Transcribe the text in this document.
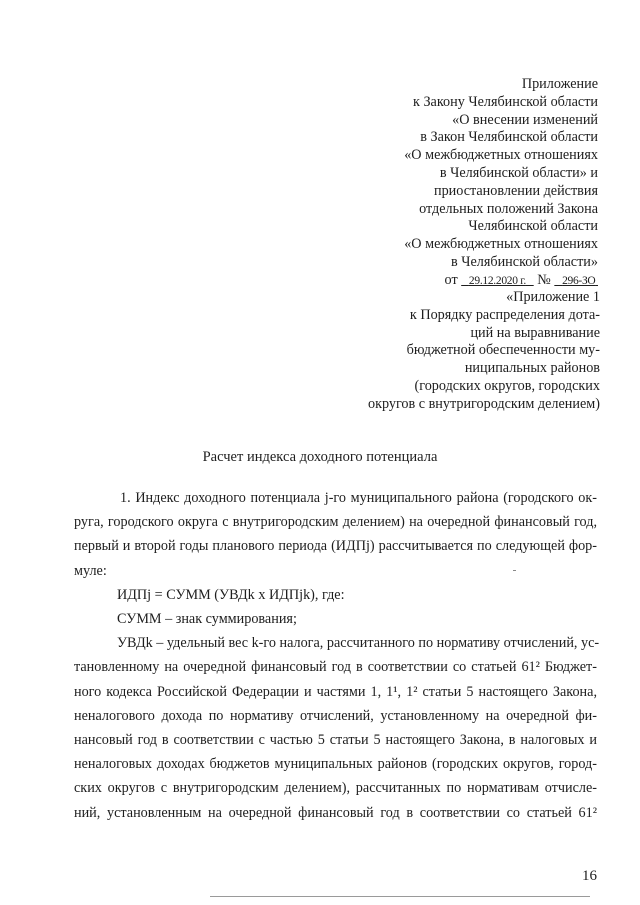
Приложение
к Закону Челябинской области
«О внесении изменений
в Закон Челябинской области
«О межбюджетных отношениях
в Челябинской области» и
приостановлении действия
отдельных положений Закона
Челябинской области
«О межбюджетных отношениях
в Челябинской области»
от 29.12.2020 г. № 296-ЗО
«Приложение 1
к Порядку распределения дота-
ций на выравнивание
бюджетной обеспеченности му-
ниципальных районов
(городских округов, городских
округов с внутригородским делением)
Расчет индекса доходного потенциала
1. Индекс доходного потенциала j-го муниципального района (городского ок-
руга, городского округа с внутригородским делением) на очередной финансовый год,
первый и второй годы планового периода (ИДПj) рассчитывается по следующей фор-
муле:
ИДПj = СУММ (УВДk x ИДПjk), где:
СУММ – знак суммирования;
УВДk – удельный вес k-го налога, рассчитанного по нормативу отчислений, ус-
тановленному на очередной финансовый год в соответствии со статьей 61² Бюджет-
ного кодекса Российской Федерации и частями 1, 1¹, 1² статьи 5 настоящего Закона,
неналогового дохода по нормативу отчислений, установленному на очередной фи-
нансовый год в соответствии с частью 5 статьи 5 настоящего Закона, в налоговых и
неналоговых доходах бюджетов муниципальных районов (городских округов, город-
ских округов с внутригородским делением), рассчитанных по нормативам отчисле-
ний, установленным на очередной финансовый год в соответствии со статьей 61²
16
